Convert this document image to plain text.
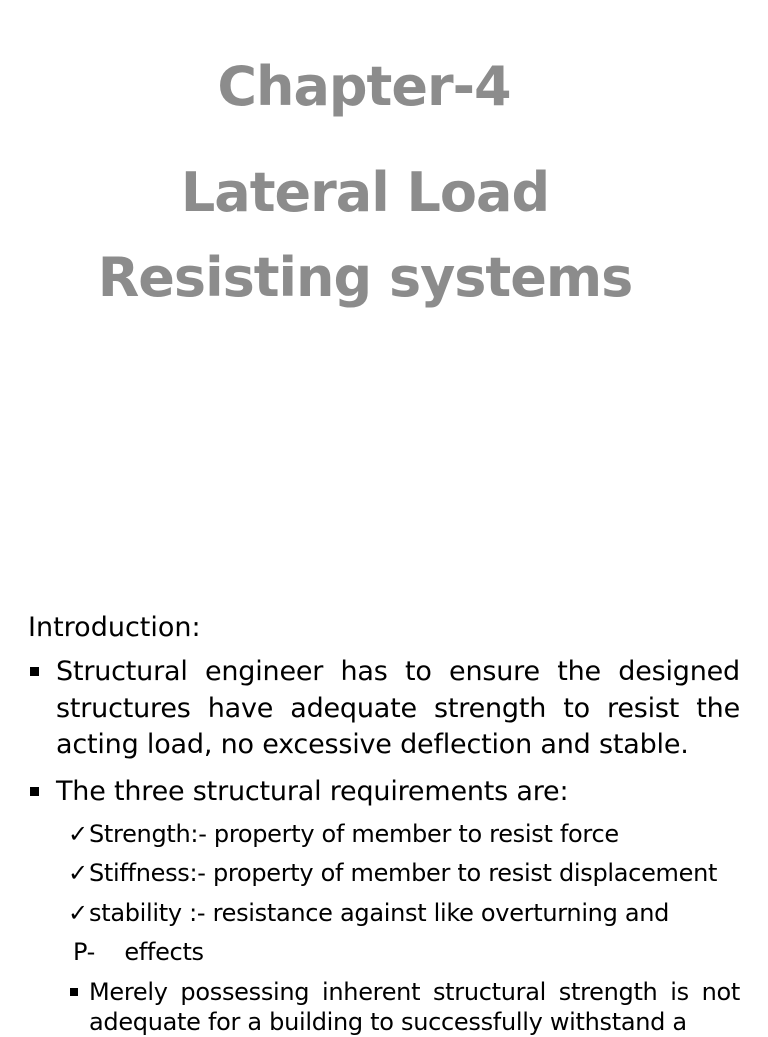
Chapter-4
Lateral Load
Resisting systems
Introduction:
Structural engineer has to ensure the designed structures have adequate strength to resist the acting load, no excessive deflection and stable.
The three structural requirements are:
✓Strength:- property of member to resist force
✓Stiffness:- property of member to resist displacement
✓stability :- resistance against like overturning and
P-    effects
Merely possessing inherent structural strength is not adequate for a building to successfully withstand a
